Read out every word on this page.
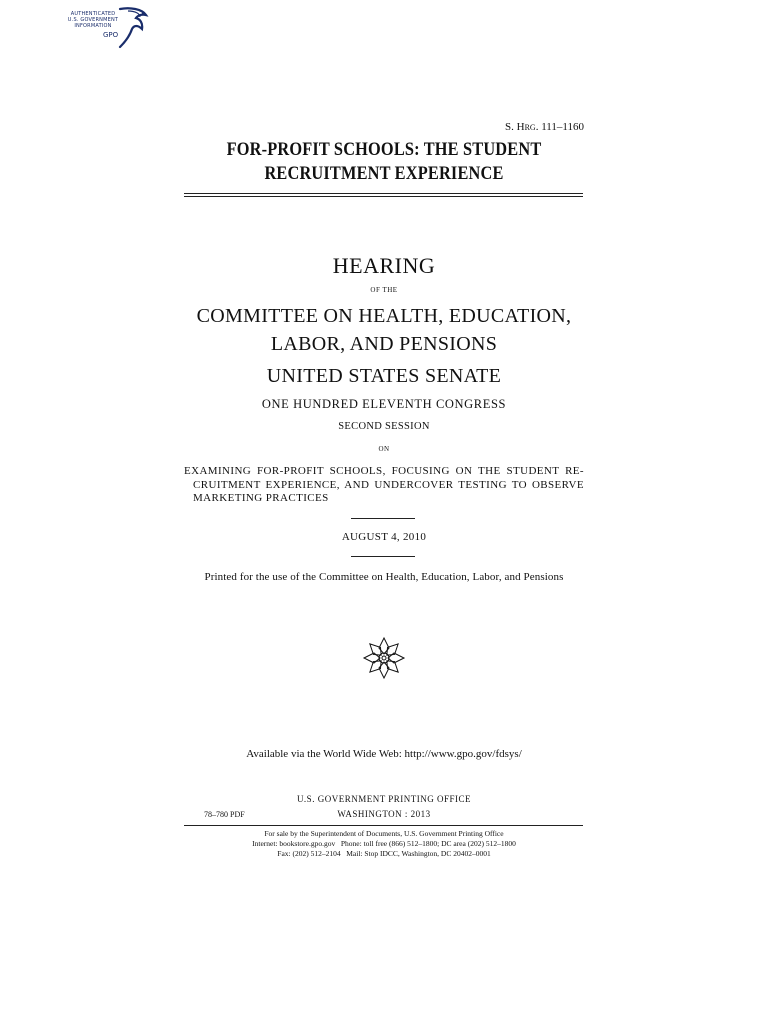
AUTHENTICATED
U.S. GOVERNMENT
INFORMATION
GPO
S. Hrg. 111–1160
FOR-PROFIT SCHOOLS: THE STUDENT
RECRUITMENT EXPERIENCE
HEARING
OF THE
COMMITTEE ON HEALTH, EDUCATION,
LABOR, AND PENSIONS
UNITED STATES SENATE
ONE HUNDRED ELEVENTH CONGRESS
SECOND SESSION
ON
EXAMINING FOR-PROFIT SCHOOLS, FOCUSING ON THE STUDENT RE-
CRUITMENT EXPERIENCE, AND UNDERCOVER TESTING TO OBSERVE
MARKETING PRACTICES
AUGUST 4, 2010
Printed for the use of the Committee on Health, Education, Labor, and Pensions
Available via the World Wide Web: http://www.gpo.gov/fdsys/
U.S. GOVERNMENT PRINTING OFFICE
78–780 PDF	WASHINGTON : 2013
For sale by the Superintendent of Documents, U.S. Government Printing Office
Internet: bookstore.gpo.gov   Phone: toll free (866) 512–1800; DC area (202) 512–1800
Fax: (202) 512–2104   Mail: Stop IDCC, Washington, DC 20402–0001
